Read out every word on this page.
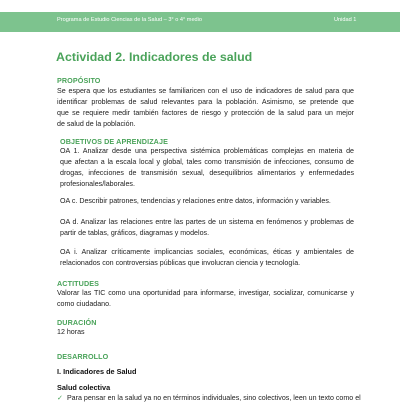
Programa de Estudio Ciencias de la Salud – 3° o 4° medio	Unidad 1
Actividad 2. Indicadores de salud
PROPÓSITO
Se espera que los estudiantes se familiaricen con el uso de indicadores de salud para que
identificar problemas de salud relevantes para la población. Asimismo, se pretende que
que se requiere medir también factores de riesgo y protección de la salud para un mejor
de salud de la población.
OBJETIVOS DE APRENDIZAJE
OA 1. Analizar desde una perspectiva sistémica problemáticas complejas en materia de
que afectan a la escala local y global, tales como transmisión de infecciones, consumo de
drogas, infecciones de transmisión sexual, desequilibrios alimentarios y enfermedades
profesionales/laborales.
OA c. Describir patrones, tendencias y relaciones entre datos, información y variables.
OA d. Analizar las relaciones entre las partes de un sistema en fenómenos y problemas de
partir de tablas, gráficos, diagramas y modelos.
OA i. Analizar críticamente implicancias sociales, económicas, éticas y ambientales de
relacionados con controversias públicas que involucran ciencia y tecnología.
ACTITUDES
Valorar las TIC como una oportunidad para informarse, investigar, socializar, comunicarse y
como ciudadano.
DURACIÓN
12 horas
DESARROLLO
I. Indicadores de Salud
Salud colectiva
✓ Para pensar en la salud ya no en términos individuales, sino colectivos, leen un texto como el
